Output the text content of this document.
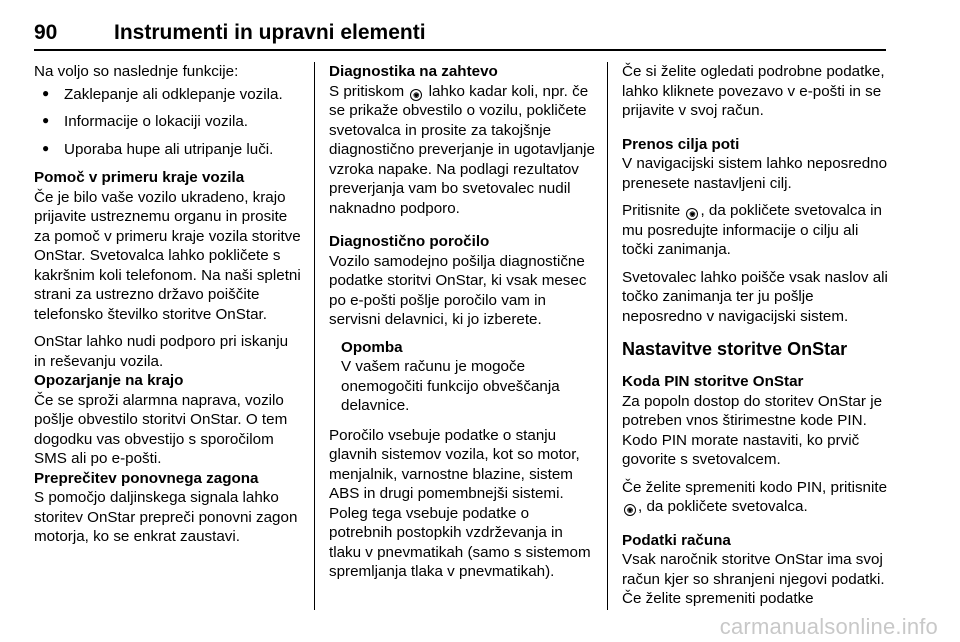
90	Instrumenti in upravni elementi

Na voljo so naslednje funkcije:

● Zaklepanje ali odklepanje vozila.
● Informacije o lokaciji vozila.
● Uporaba hupe ali utripanje luči.
Pomoč v primeru kraje vozila

Če je bilo vaše vozilo ukradeno, krajo prijavite ustreznemu organu in prosite za pomoč v primeru kraje vozila storitve OnStar. Svetovalca lahko pokličete s kakršnim koli telefonom. Na naši spletni strani za ustrezno državo poiščite telefonsko številko storitve OnStar.

OnStar lahko nudi podporo pri iskanju in reševanju vozila.

Opozarjanje na krajo

Če se sproži alarmna naprava, vozilo pošlje obvestilo storitvi OnStar. O tem dogodku vas obvestijo s sporočilom SMS ali po e-pošti.

Preprečitev ponovnega zagona

S pomočjo daljinskega signala lahko storitev OnStar prepreči ponovni zagon motorja, ko se enkrat zaustavi.

Diagnostika na zahtevo

S pritiskom ◉ lahko kadar koli, npr. če se prikaže obvestilo o vozilu, pokličete svetovalca in prosite za takojšnje diagnostično preverjanje in ugotavljanje vzroka napake. Na podlagi rezultatov preverjanja vam bo svetovalec nudil naknadno podporo.

Diagnostično poročilo

Vozilo samodejno pošilja diagnostične podatke storitvi OnStar, ki vsak mesec po e-pošti pošlje poročilo vam in servisni delavnici, ki jo izberete.

Opomba
V vašem računu je mogoče onemogočiti funkcijo obveščanja delavnice.

Poročilo vsebuje podatke o stanju glavnih sistemov vozila, kot so motor, menjalnik, varnostne blazine, sistem ABS in drugi pomembnejši sistemi. Poleg tega vsebuje podatke o potrebnih postopkih vzdrževanja in tlaku v pnevmatikah (samo s sistemom spremljanja tlaka v pnevmatikah).

Če si želite ogledati podrobne podatke, lahko kliknete povezavo v e-pošti in se prijavite v svoj račun.

Prenos cilja poti

V navigacijski sistem lahko neposredno prenesete nastavljeni cilj.

Pritisnite ◉ , da pokličete svetovalca in mu posredujte informacije o cilju ali točki zanimanja.

Svetovalec lahko poišče vsak naslov ali točko zanimanja ter ju pošlje neposredno v navigacijski sistem.

Nastavitve storitve OnStar
Koda PIN storitve OnStar

Za popoln dostop do storitev OnStar je potreben vnos štirimestne kode PIN. Kodo PIN morate nastaviti, ko prvič govorite s svetovalcem.

Če želite spremeniti kodo PIN, pritisnite ◉ , da pokličete svetovalca.

Podatki računa

Vsak naročnik storitve OnStar ima svoj račun kjer so shranjeni njegovi podatki. Če želite spremeniti podatke

carmanualsonline.info
